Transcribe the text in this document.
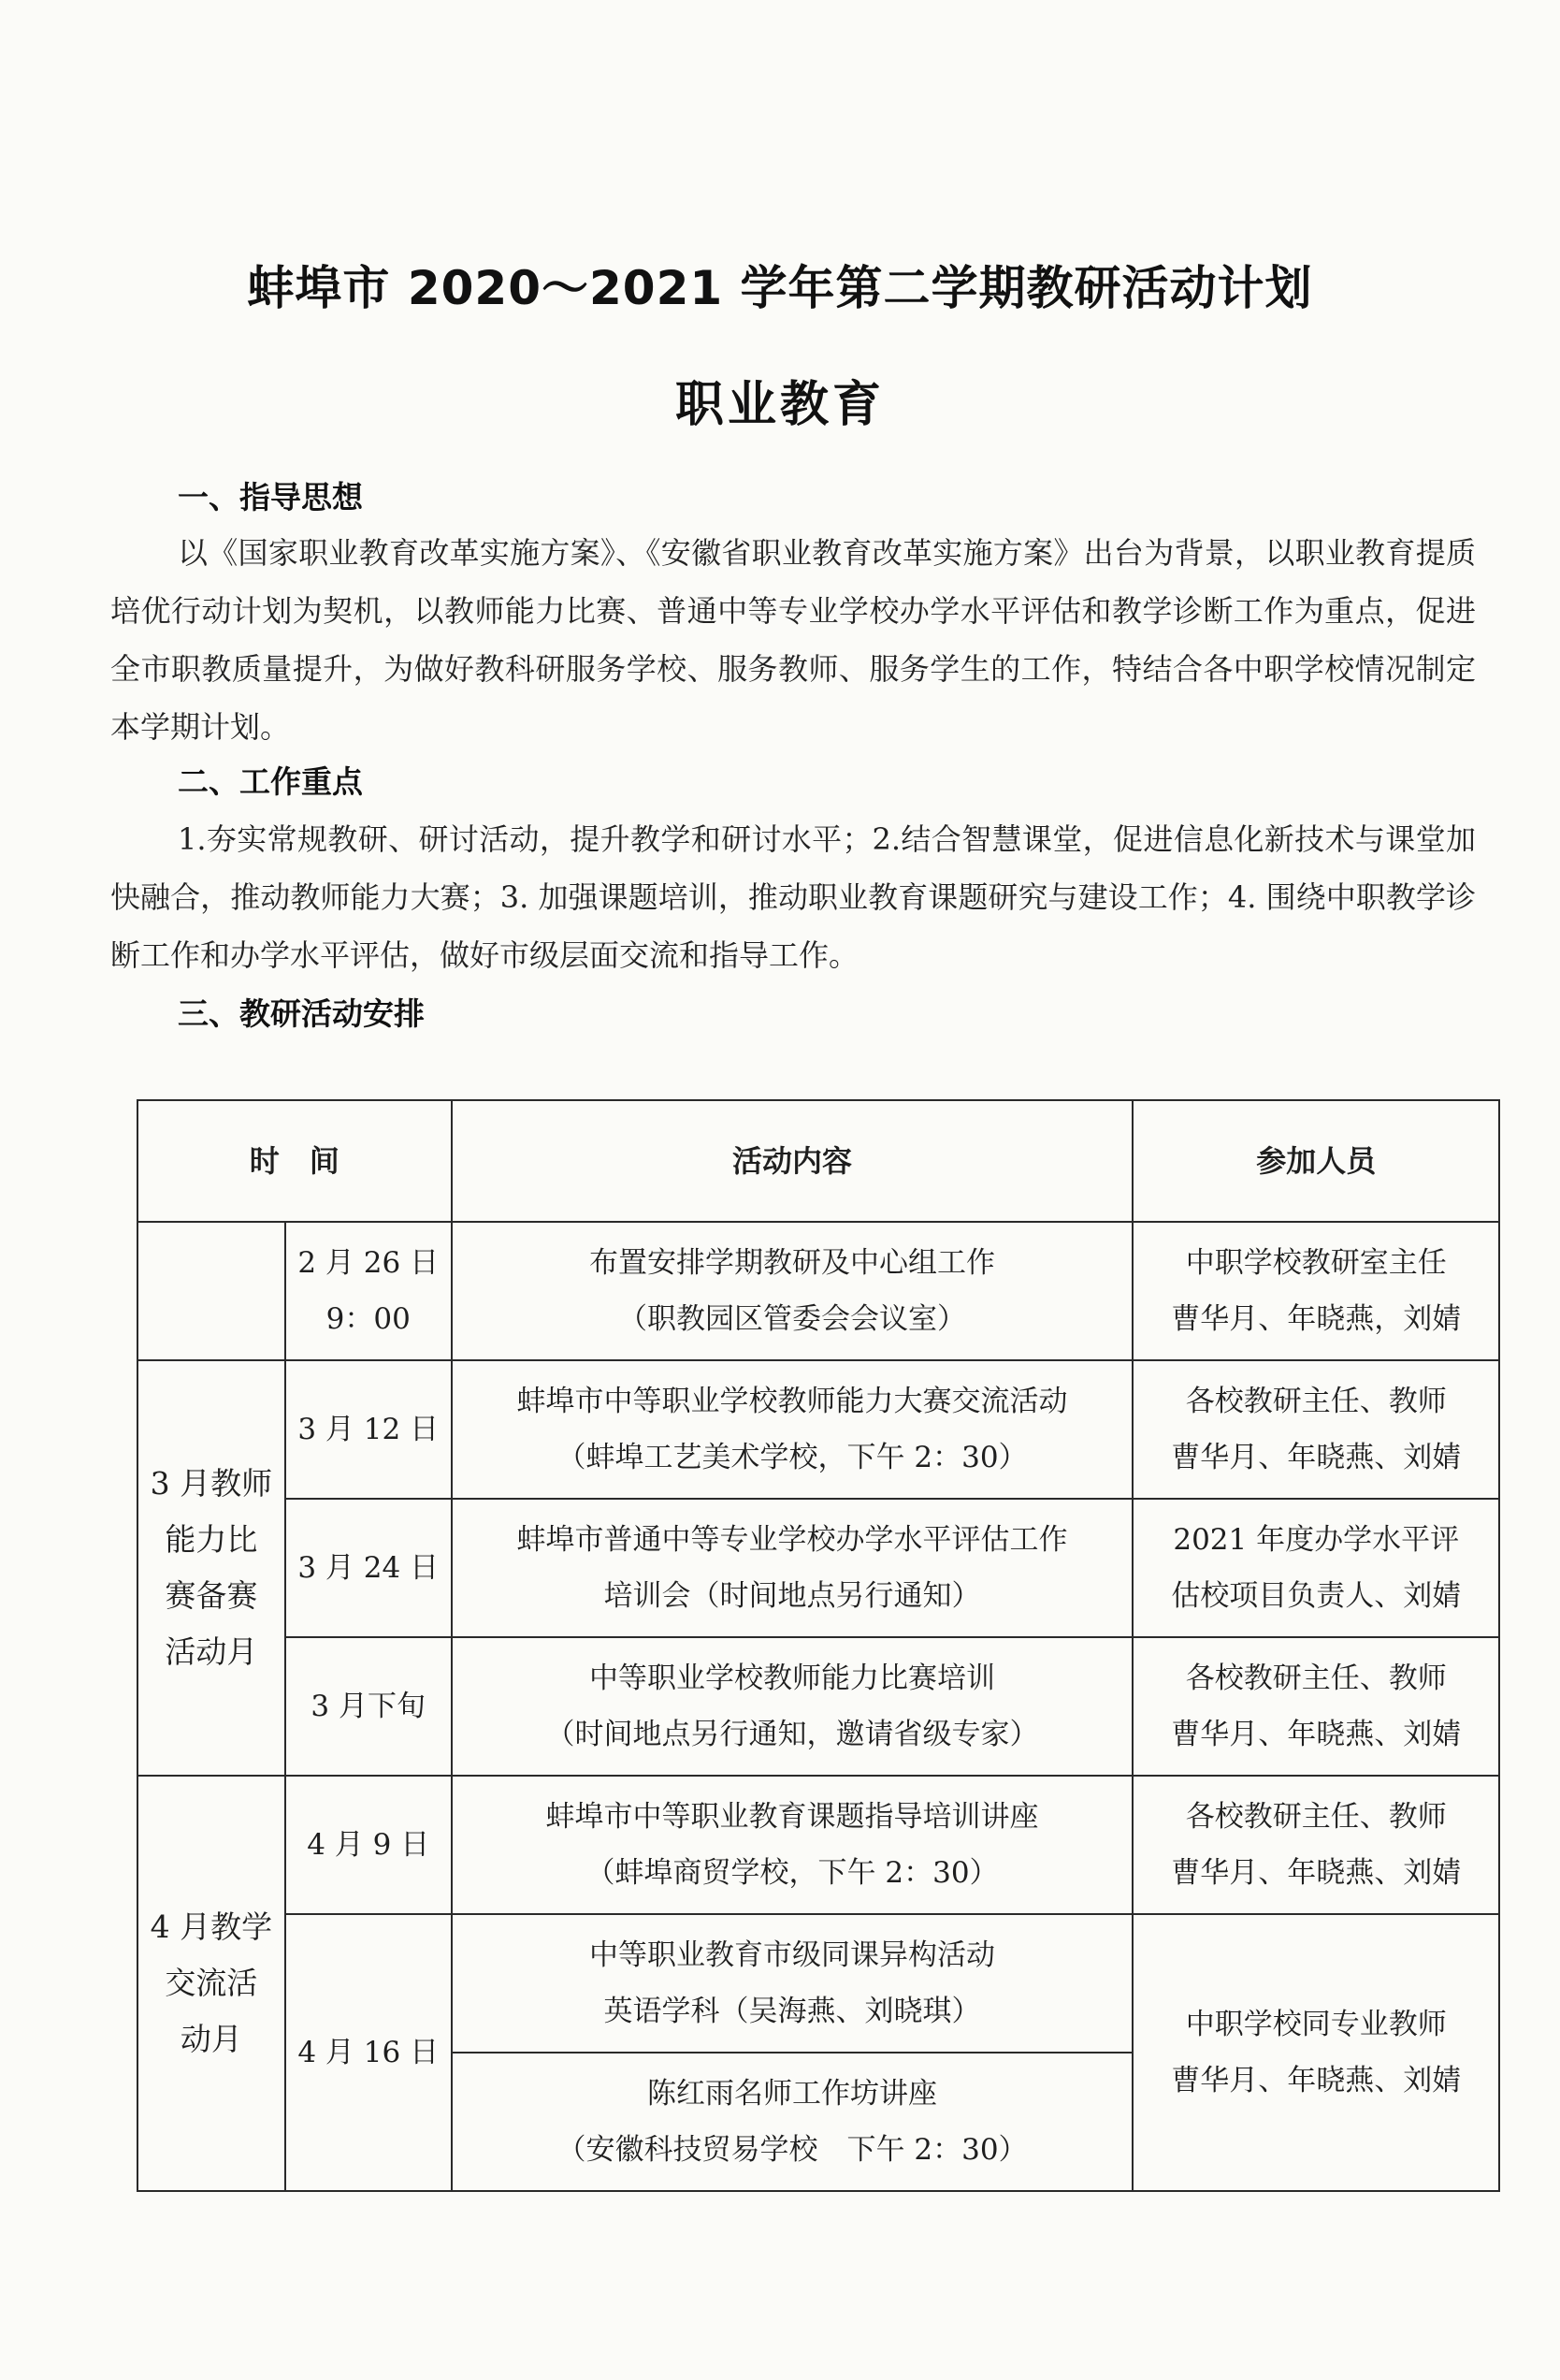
蚌埠市 2020～2021 学年第二学期教研活动计划
职业教育
一、指导思想
以《国家职业教育改革实施方案》、《安徽省职业教育改革实施方案》出台为背景，以职业教育提质培优行动计划为契机，以教师能力比赛、普通中等专业学校办学水平评估和教学诊断工作为重点，促进全市职教质量提升，为做好教科研服务学校、服务教师、服务学生的工作，特结合各中职学校情况制定本学期计划。
二、工作重点
1.夯实常规教研、研讨活动，提升教学和研讨水平；2.结合智慧课堂，促进信息化新技术与课堂加快融合，推动教师能力大赛；3. 加强课题培训，推动职业教育课题研究与建设工作；4. 围绕中职教学诊断工作和办学水平评估，做好市级层面交流和指导工作。
三、教研活动安排
时　间		活动内容	参加人员

	2 月 26 日
9：00	布置安排学期教研及中心组工作
（职教园区管委会会议室）	中职学校教研室主任
曹华月、年晓燕，刘婧

3 月教师
能力比
赛备赛
活动月	3 月 12 日	蚌埠市中等职业学校教师能力大赛交流活动
（蚌埠工艺美术学校，下午 2：30）	各校教研主任、教师
曹华月、年晓燕、刘婧

	3 月 24 日	蚌埠市普通中等专业学校办学水平评估工作
培训会（时间地点另行通知）	2021 年度办学水平评
估校项目负责人、刘婧

	3 月下旬	中等职业学校教师能力比赛培训
（时间地点另行通知，邀请省级专家）	各校教研主任、教师
曹华月、年晓燕、刘婧

4 月教学
交流活
动月	4 月 9 日	蚌埠市中等职业教育课题指导培训讲座
（蚌埠商贸学校，下午 2：30）	各校教研主任、教师
曹华月、年晓燕、刘婧

	4 月 16 日	中等职业教育市级同课异构活动
英语学科（吴海燕、刘晓琪）	中职学校同专业教师
曹华月、年晓燕、刘婧

		陈红雨名师工作坊讲座
（安徽科技贸易学校　下午 2：30）	
